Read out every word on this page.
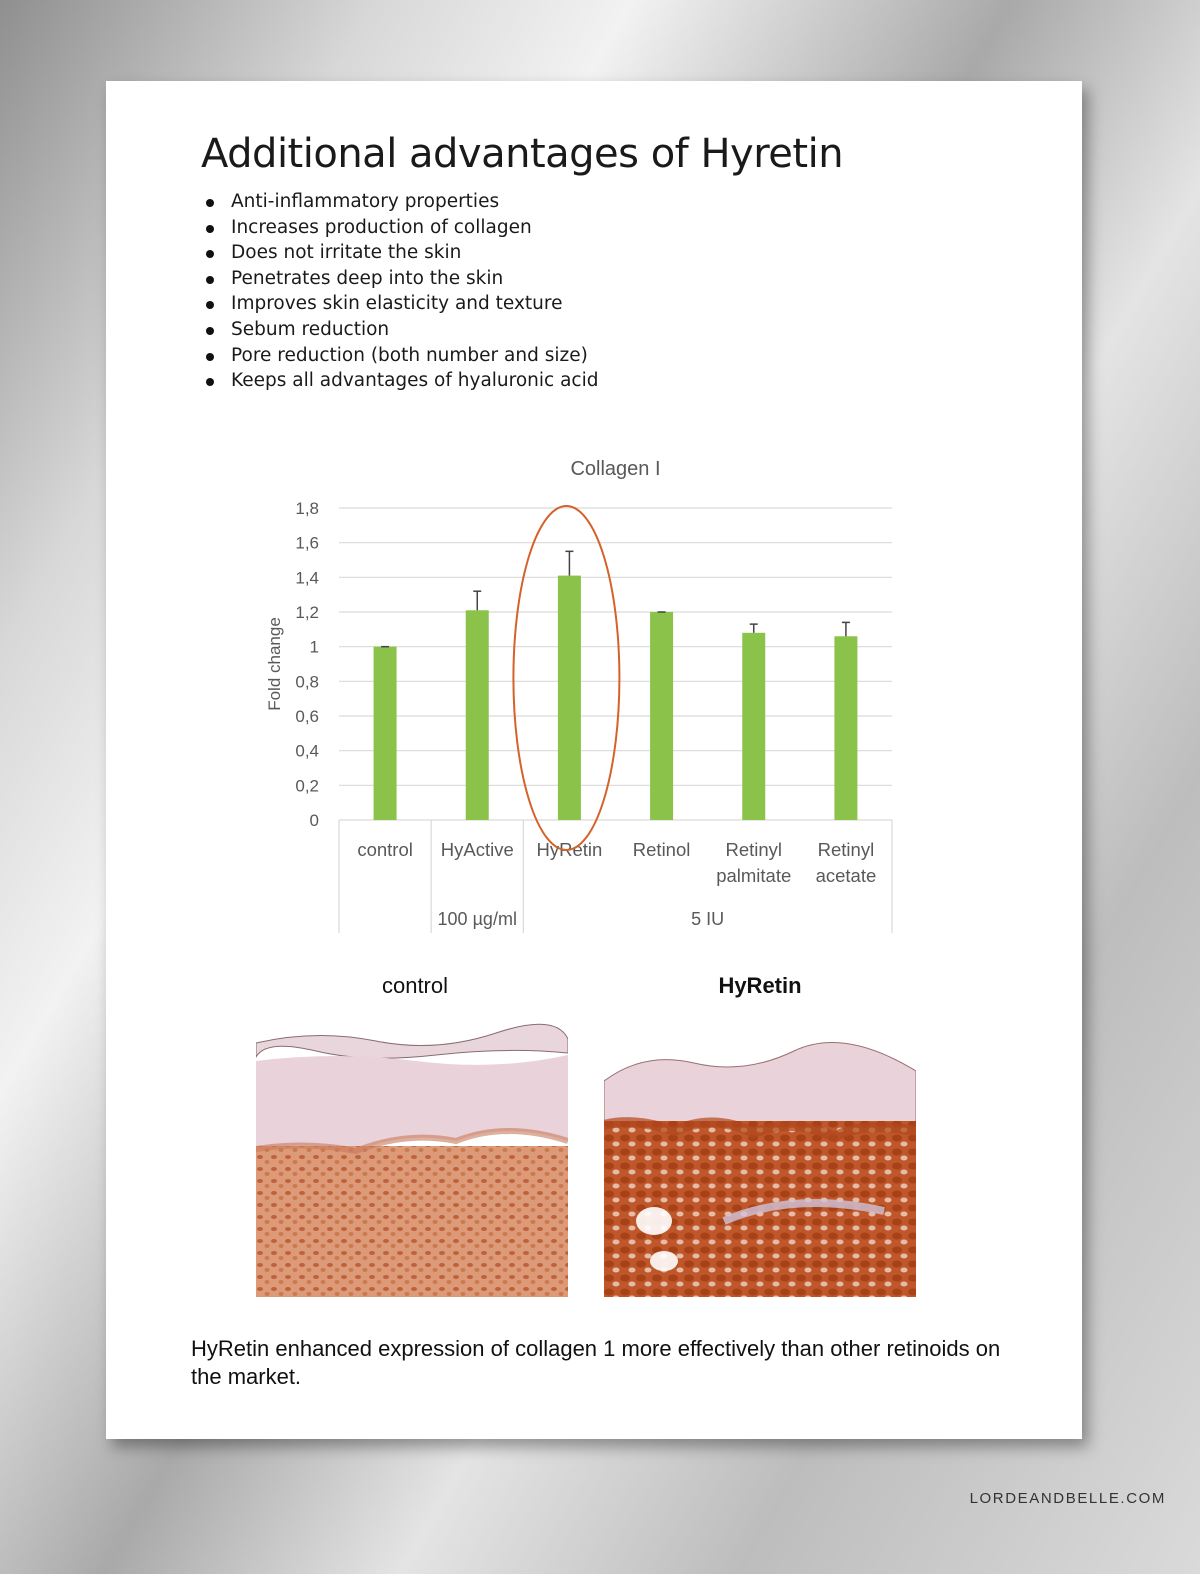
Additional advantages of Hyretin
Anti-inflammatory properties
Increases production of collagen
Does not irritate the skin
Penetrates deep into the skin
Improves skin elasticity and texture
Sebum reduction
Pore reduction (both number and size)
Keeps all advantages of hyaluronic acid
Collagen I
Fold change
0
0,2
0,4
0,6
0,8
1
1,2
1,4
1,6
1,8
control HyActive HyRetin Retinol Retinyl
palmitate
Retinyl
acetate
100 µg/ml	5 IU
control	HyRetin

HyRetin enhanced expression of collagen 1 more effectively than other retinoids on the market.

LORDEANDBELLE.COM
